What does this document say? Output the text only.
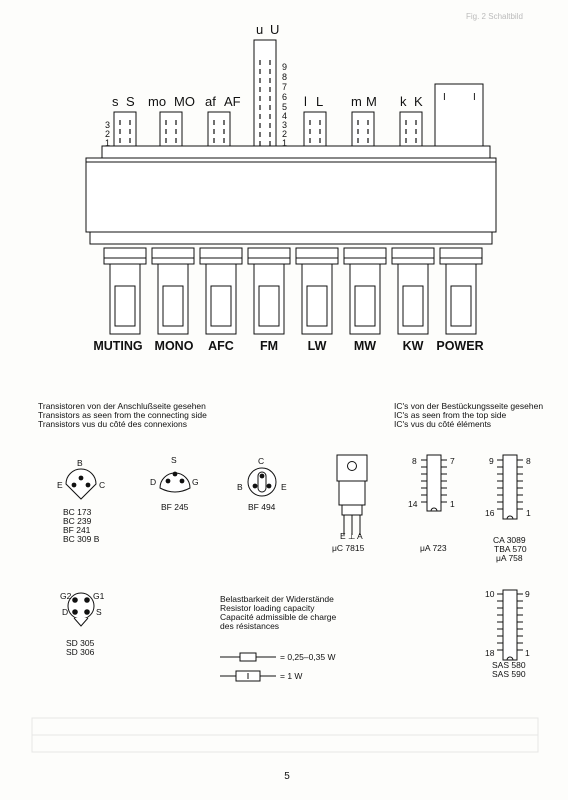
Fig. 2 Schaltbild
I	I
s S mo MO af AF
u U
l L m M k K
3
2
1
9
8
7
6
5
4
3
2
1
MUTING MONO AFC FM LW MW KW POWER
Transistoren von der Anschlußseite gesehen
Transistors as seen from the connecting side
Transistors vus du côté des connexions
IC's von der Bestückungsseite gesehen
IC's as seen from the top side
IC's vus du côté éléments
B
E	C
BC 173
BC 239
BF 241
BC 309 B
S
D	G
BF 245
C
B	E
BF 494
E ⊥ A
μC 7815
8	7
14	1
μA 723
9	8
16	1
CA 3089
TBA 570
μA 758
G2	G1
D	S
SD 305
SD 306
Belastbarkeit der Widerstände
Resistor loading capacity
Capacité admissible de charge
des résistances
= 0,25–0,35 W
= 1 W
10	9
18	1
SAS 580
SAS 590
5
